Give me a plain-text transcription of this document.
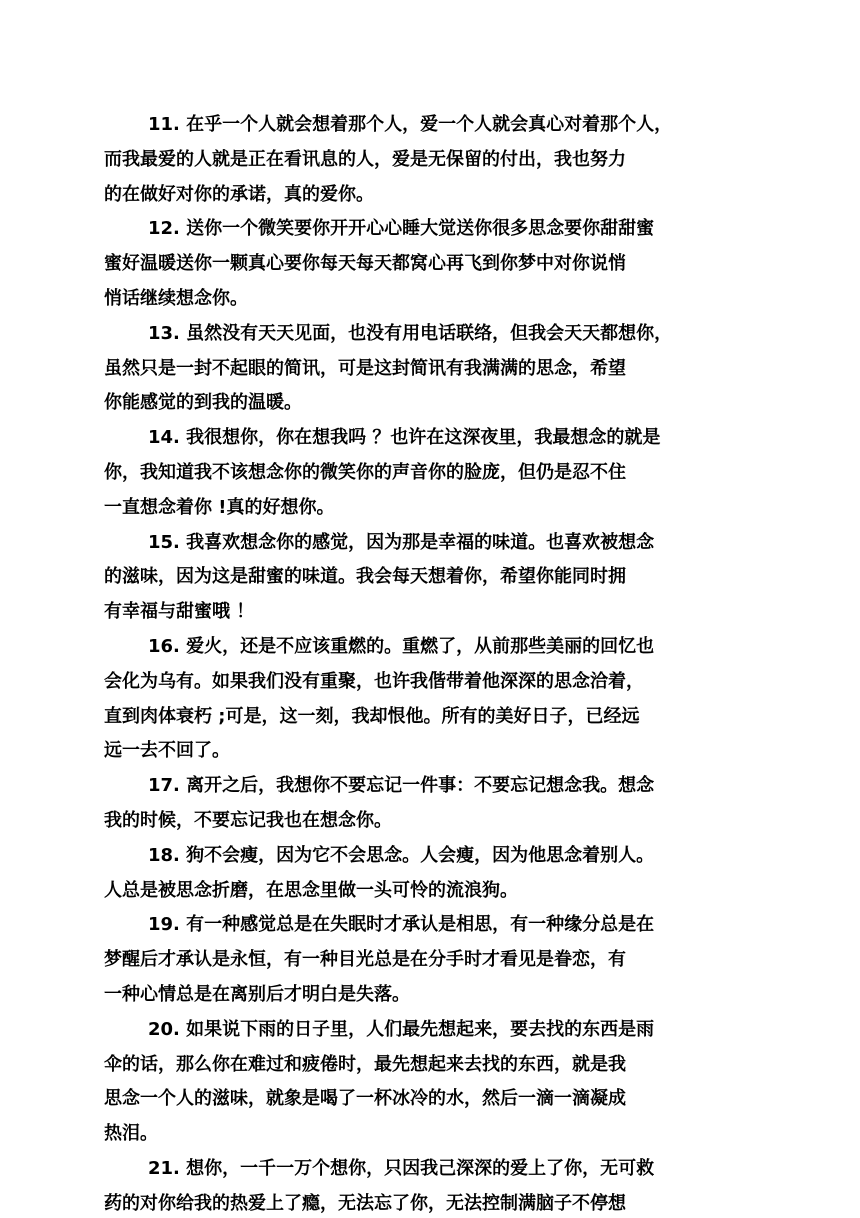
11. 在乎一个人就会想着那个人，爱一个人就会真心对着那个人，
而我最爱的人就是正在看讯息的人，爱是无保留的付出，我也努力
的在做好对你的承诺，真的爱你。
12. 送你一个微笑要你开开心心睡大觉送你很多思念要你甜甜蜜
蜜好温暖送你一颗真心要你每天每天都窝心再飞到你梦中对你说悄
悄话继续想念你。
13. 虽然没有天天见面，也没有用电话联络，但我会天天都想你，
虽然只是一封不起眼的简讯，可是这封简讯有我满满的思念，希望
你能感觉的到我的温暖。
14. 我很想你，你在想我吗 ？也许在这深夜里，我最想念的就是
你，我知道我不该想念你的微笑你的声音你的脸庞，但仍是忍不住
一直想念着你 !真的好想你。
15. 我喜欢想念你的感觉，因为那是幸福的味道。也喜欢被想念
的滋味，因为这是甜蜜的味道。我会每天想着你，希望你能同时拥
有幸福与甜蜜哦 ！
16. 爱火，还是不应该重燃的。重燃了，从前那些美丽的回忆也
会化为乌有。如果我们没有重聚，也许我偕带着他深深的思念洽着，
直到肉体衰朽 ;可是，这一刻，我却恨他。所有的美好日子，已经远
远一去不回了。
17. 离开之后，我想你不要忘记一件事：不要忘记想念我。想念
我的时候，不要忘记我也在想念你。
18. 狗不会瘦，因为它不会思念。人会瘦，因为他思念着别人。
人总是被思念折磨，在思念里做一头可怜的流浪狗。
19. 有一种感觉总是在失眠时才承认是相思，有一种缘分总是在
梦醒后才承认是永恒，有一种目光总是在分手时才看见是眷恋，有
一种心情总是在离别后才明白是失落。
20. 如果说下雨的日子里，人们最先想起来，要去找的东西是雨
伞的话，那么你在难过和疲倦时，最先想起来去找的东西，就是我
思念一个人的滋味，就象是喝了一杯冰冷的水，然后一滴一滴凝成
热泪。
21. 想你，一千一万个想你，只因我己深深的爱上了你，无可救
药的对你给我的热爱上了瘾，无法忘了你，无法控制满脑子不停想
